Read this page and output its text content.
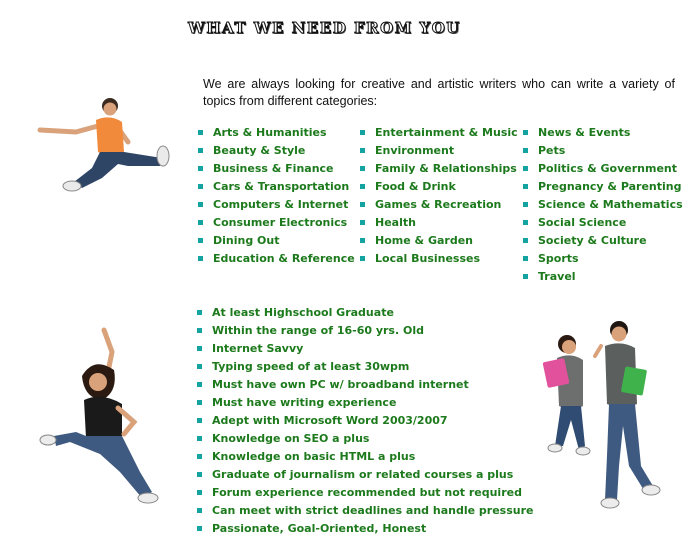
WHAT WE NEED FROM YOU
We are always looking for creative and artistic writers who can write a variety of topics from different categories:
Arts & Humanities
Beauty & Style
Business & Finance
Cars & Transportation
Computers & Internet
Consumer Electronics
Dining Out
Education & Reference
Entertainment & Music
Environment
Family & Relationships
Food & Drink
Games & Recreation
Health
Home & Garden
Local Businesses
News & Events
Pets
Politics & Government
Pregnancy & Parenting
Science & Mathematics
Social Science
Society & Culture
Sports
Travel
At least Highschool Graduate
Within the range of 16-60 yrs. Old
Internet Savvy
Typing speed of at least 30wpm
Must have own PC w/ broadband internet
Must have writing experience
Adept with Microsoft Word 2003/2007
Knowledge on SEO a plus
Knowledge on basic HTML a plus
Graduate of journalism or related courses a plus
Forum experience recommended but not required
Can meet with strict deadlines and handle pressure
Passionate, Goal-Oriented, Honest
